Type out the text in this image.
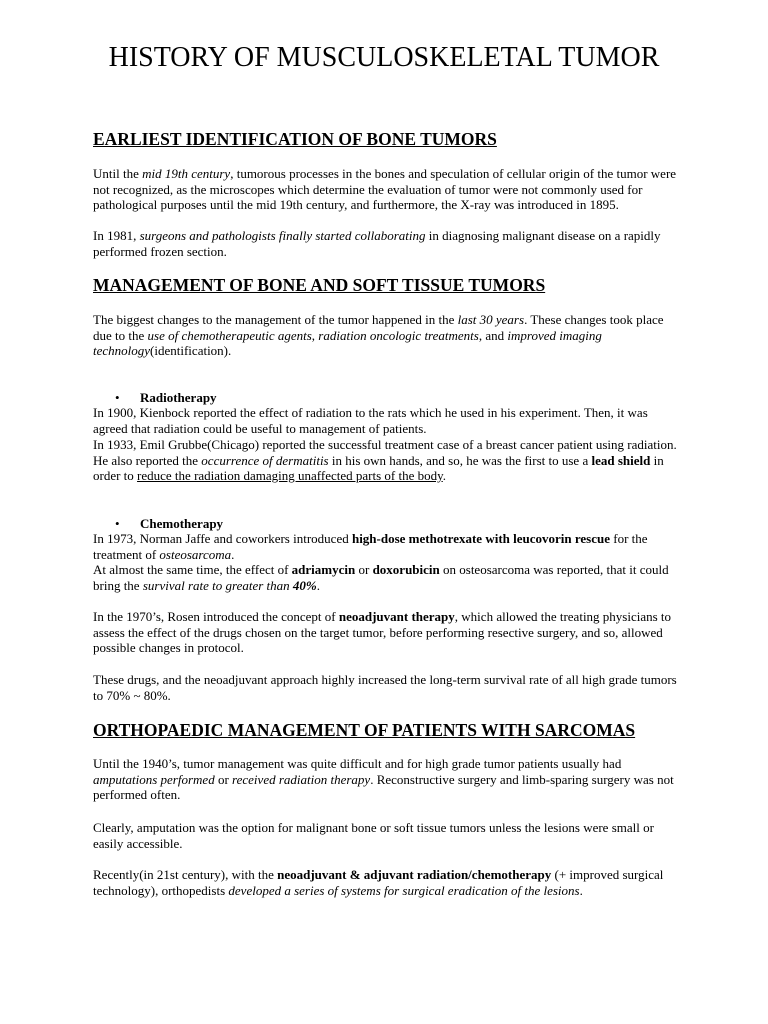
HISTORY OF MUSCULOSKELETAL TUMOR
EARLIEST IDENTIFICATION OF BONE TUMORS

Until the mid 19th century, tumorous processes in the bones and speculation of cellular origin of the tumor were not recognized, as the microscopes which determine the evaluation of tumor were not commonly used for pathological purposes until the mid 19th century, and furthermore, the X-ray was introduced in 1895.

In 1981, surgeons and pathologists finally started collaborating in diagnosing malignant disease on a rapidly performed frozen section.

MANAGEMENT OF BONE AND SOFT TISSUE TUMORS

The biggest changes to the management of the tumor happened in the last 30 years. These changes took place due to the use of chemotherapeutic agents, radiation oncologic treatments, and improved imaging technology(identification).

• Radiotherapy

In 1900, Kienbock reported the effect of radiation to the rats which he used in his experiment. Then, it was agreed that radiation could be useful to management of patients.

In 1933, Emil Grubbe(Chicago) reported the successful treatment case of a breast cancer patient using radiation. He also reported the occurrence of dermatitis in his own hands, and so, he was the first to use a lead shield in order to reduce the radiation damaging unaffected parts of the body.

• Chemotherapy

In 1973, Norman Jaffe and coworkers introduced high-dose methotrexate with leucovorin rescue for the treatment of osteosarcoma.

At almost the same time, the effect of adriamycin or doxorubicin on osteosarcoma was reported, that it could bring the survival rate to greater than 40%.

In the 1970’s, Rosen introduced the concept of neoadjuvant therapy, which allowed the treating physicians to assess the effect of the drugs chosen on the target tumor, before performing resective surgery, and so, allowed possible changes in protocol.

These drugs, and the neoadjuvant approach highly increased the long-term survival rate of all high grade tumors to 70% ~ 80%.

ORTHOPAEDIC MANAGEMENT OF PATIENTS WITH SARCOMAS

Until the 1940’s, tumor management was quite difficult and for high grade tumor patients usually had amputations performed or received radiation therapy. Reconstructive surgery and limb-sparing surgery was not performed often.

Clearly, amputation was the option for malignant bone or soft tissue tumors unless the lesions were small or easily accessible.

Recently(in 21st century), with the neoadjuvant & adjuvant radiation/chemotherapy (+ improved surgical technology), orthopedists developed a series of systems for surgical eradication of the lesions.
